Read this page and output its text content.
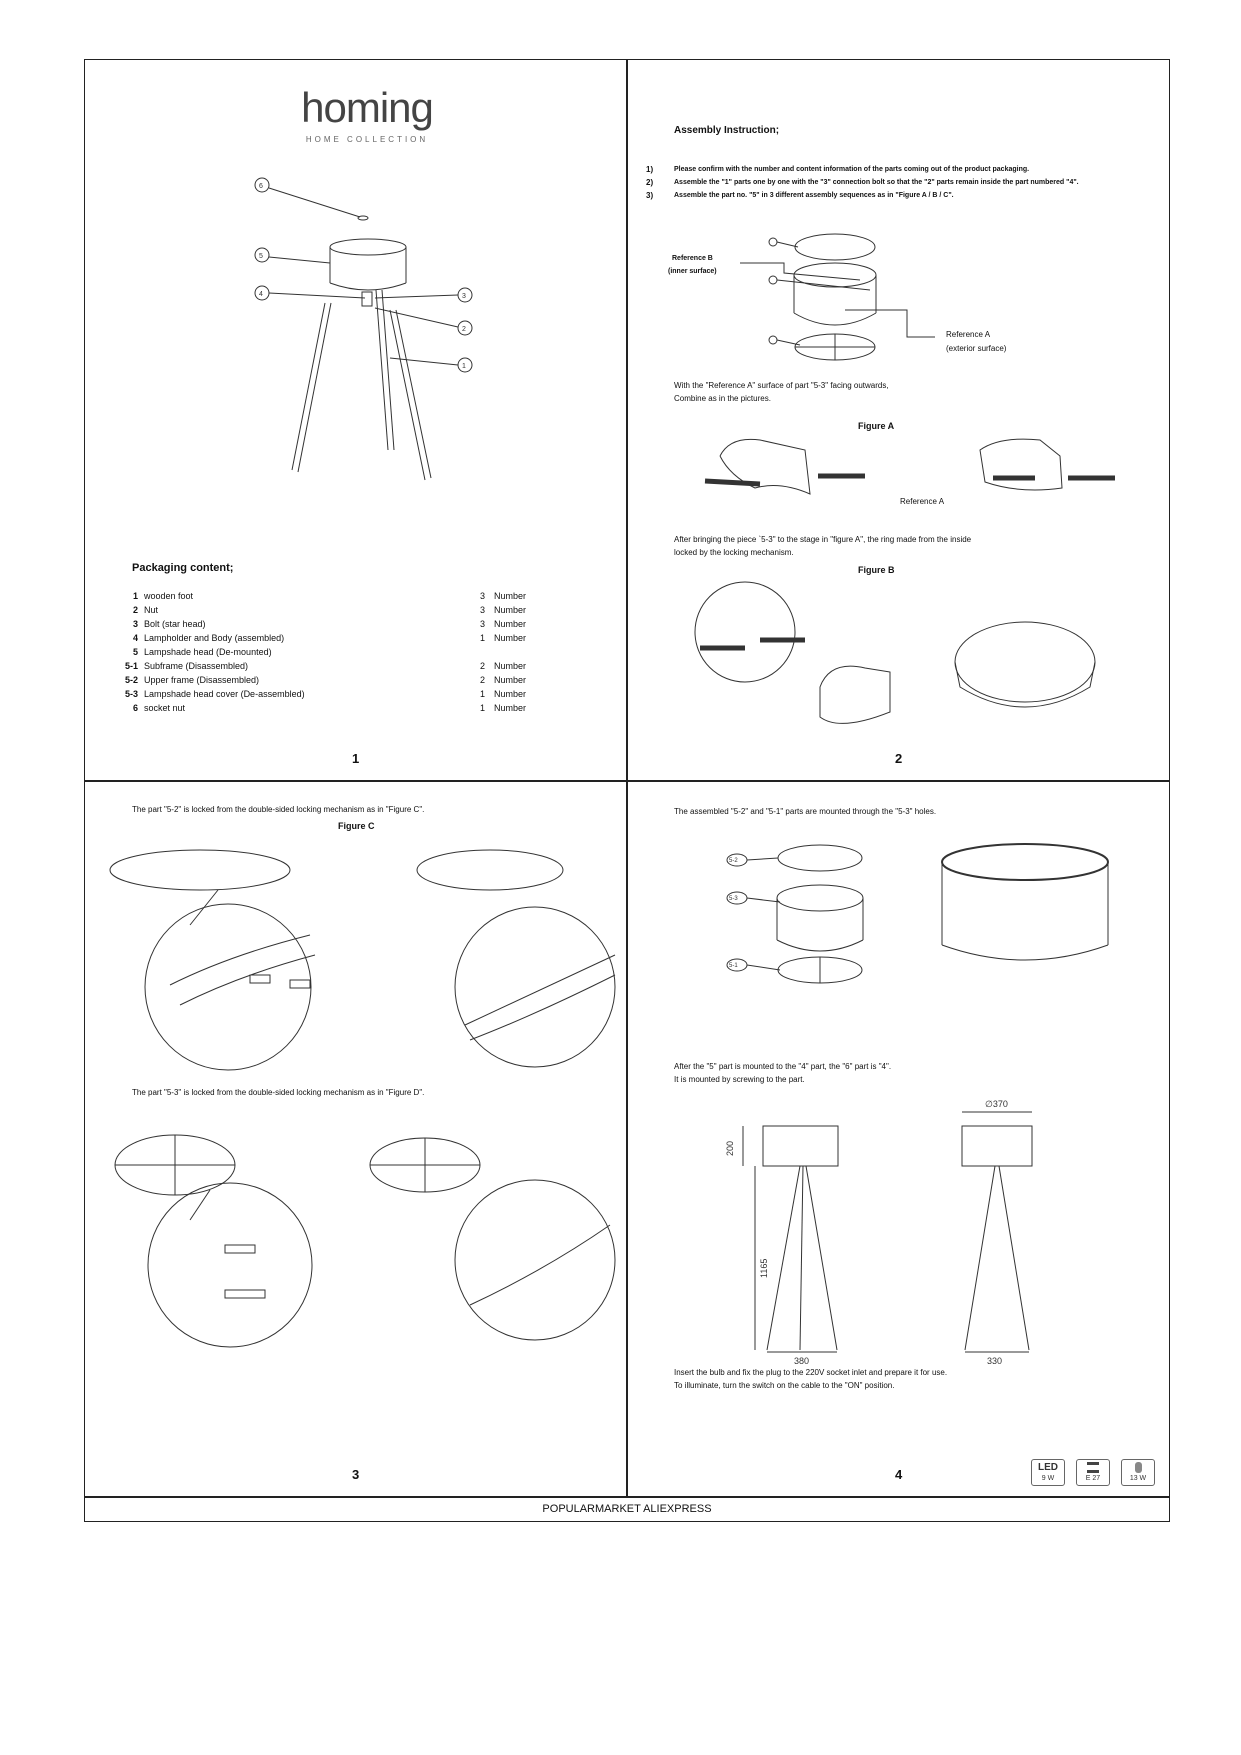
homing
HOME COLLECTION
6
5
4	3
2
1
Packaging content;
1 wooden foot	3 Number
2 Nut	3 Number
3 Bolt (star head)	3 Number
4 Lampholder and Body (assembled)	1 Number
5 Lampshade head (De-mounted)
5-1 Subframe (Disassembled)	2 Number
5-2 Upper frame (Disassembled)	2 Number
5-3 Lampshade head cover (De-assembled)	1 Number
6 socket nut	1 Number
1
Assembly Instruction;
1)	Please confirm with the number and content information of the parts coming out of the product packaging.
2)	Assemble the "1" parts one by one with the "3" connection bolt so that the "2" parts remain inside the part numbered "4".
3)	Assemble the part no. "5" in 3 different assembly sequences as in "Figure A / B / C".
Reference B
(inner surface)
Reference A
(exterior surface)
With the "Reference A" surface of part "5-3" facing outwards,
Combine as in the pictures.
Figure A
Reference A
After bringing the piece `5-3" to the stage in "figure A", the ring made from the inside
locked by the locking mechanism.
Figure B
2
The part "5-2" is locked from the double-sided locking mechanism as in "Figure C".
Figure C
The part "5-3" is locked from the double-sided locking mechanism as in "Figure D".
3
The assembled "5-2" and "5-1" parts are mounted through the "5-3" holes.
5-2
5-3
5-1
After the "5" part is mounted to the "4" part, the "6" part is "4".
It is mounted by screwing to the part.
200
1165
380	330
∅370
Insert the bulb and fix the plug to the 220V socket inlet and prepare it for use.
To illuminate, turn the switch on the cable to the "ON" position.
4	LED
9 W	E 27	13 W
POPULARMARKET ALIEXPRESS
